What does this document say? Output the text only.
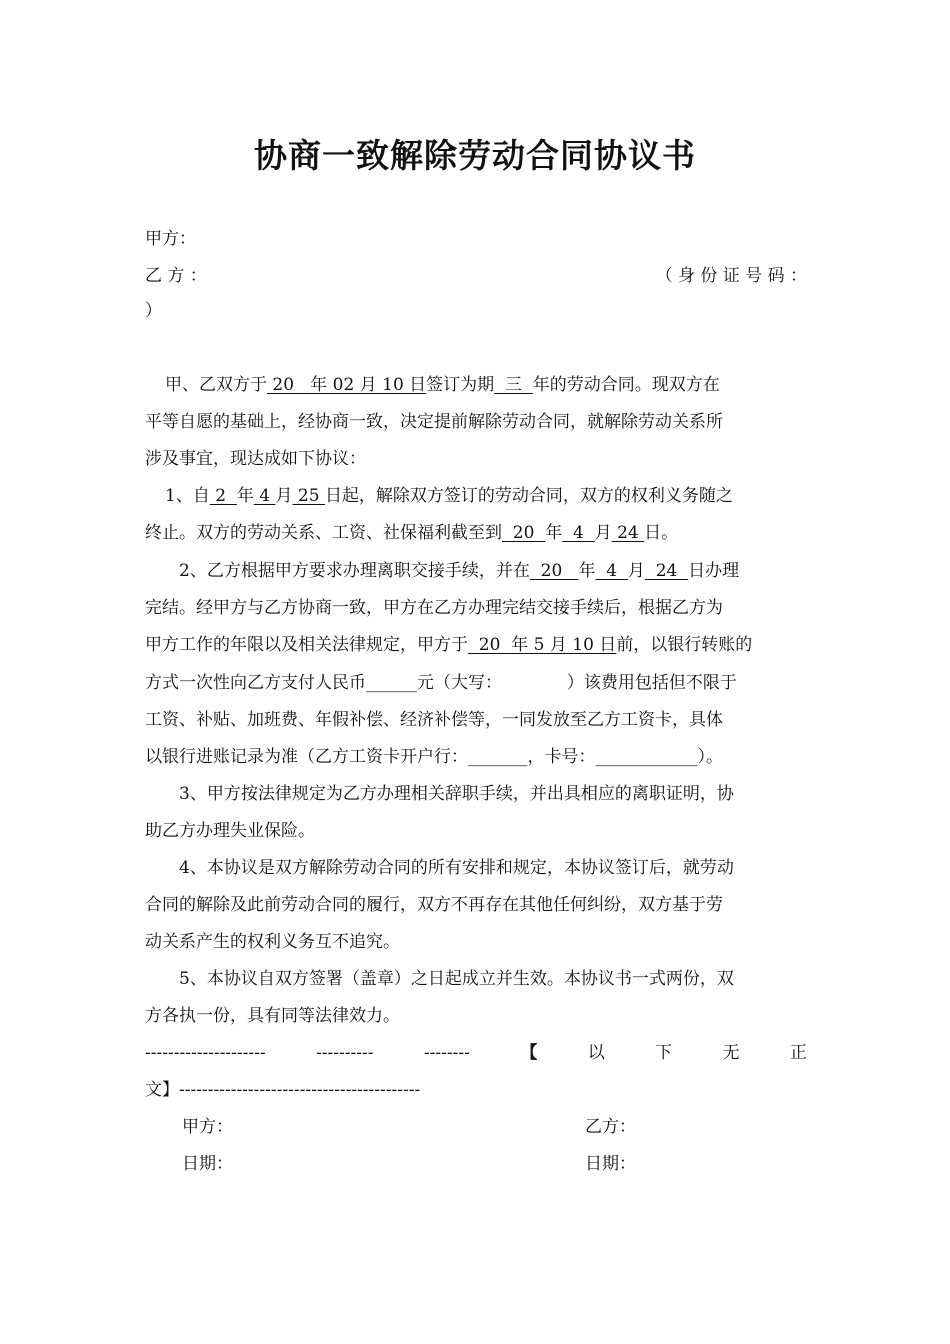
协商一致解除劳动合同协议书
甲方：
乙 方 ：	（ 身 份 证 号 码 ：
）
甲、乙双方于 20   年 02 月 10 日签订为期  三  年的劳动合同。现双方在
平等自愿的基础上，经协商一致，决定提前解除劳动合同，就解除劳动关系所
涉及事宜，现达成如下协议：
1、自 2  年 4 月 25 日起，解除双方签订的劳动合同，双方的权利义务随之
终止。双方的劳动关系、工资、社保福利截至到  20  年  4  月 24 日。
2、乙方根据甲方要求办理离职交接手续，并在  20   年  4  月  24  日办理
完结。经甲方与乙方协商一致，甲方在乙方办理完结交接手续后，根据乙方为
甲方工作的年限以及相关法律规定，甲方于  20  年 5 月 10 日前，以银行转账的
方式一次性向乙方支付人民币______元（大写：            ）该费用包括但不限于
工资、补贴、加班费、年假补偿、经济补偿等，一同发放至乙方工资卡，具体
以银行进账记录为准（乙方工资卡开户行：_______，卡号：____________）。
3、甲方按法律规定为乙方办理相关辞职手续，并出具相应的离职证明，协
助乙方办理失业保险。
4、本协议是双方解除劳动合同的所有安排和规定，本协议签订后，就劳动
合同的解除及此前劳动合同的履行，双方不再存在其他任何纠纷，双方基于劳
动关系产生的权利义务互不追究。
5、本协议自双方签署（盖章）之日起成立并生效。本协议书一式两份，双
方各执一份，具有同等法律效力。
---------------------	----------	--------	【	以	下	无	正
文】------------------------------------------
甲方：	乙方：
日期：	日期：
